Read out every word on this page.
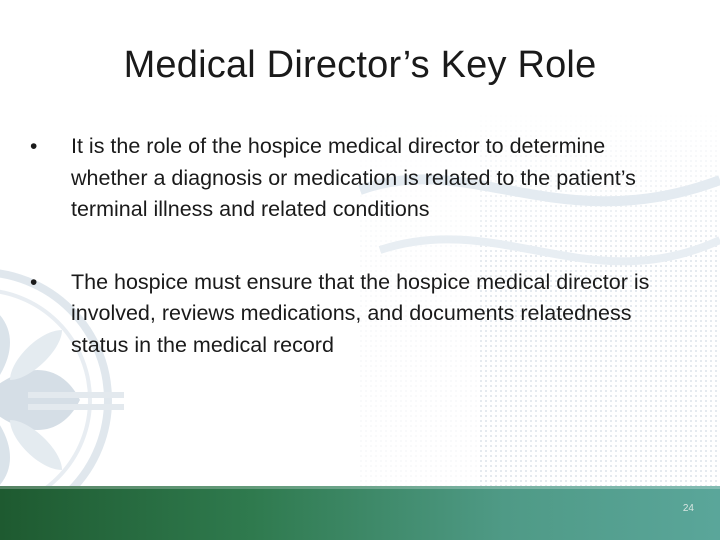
Medical Director’s Key Role
• It is the role of the hospice medical director to determine whether a diagnosis or medication is related to the patient’s terminal illness and related conditions
• The hospice must ensure that the hospice medical director is involved, reviews medications, and documents relatedness status in the medical record
24
